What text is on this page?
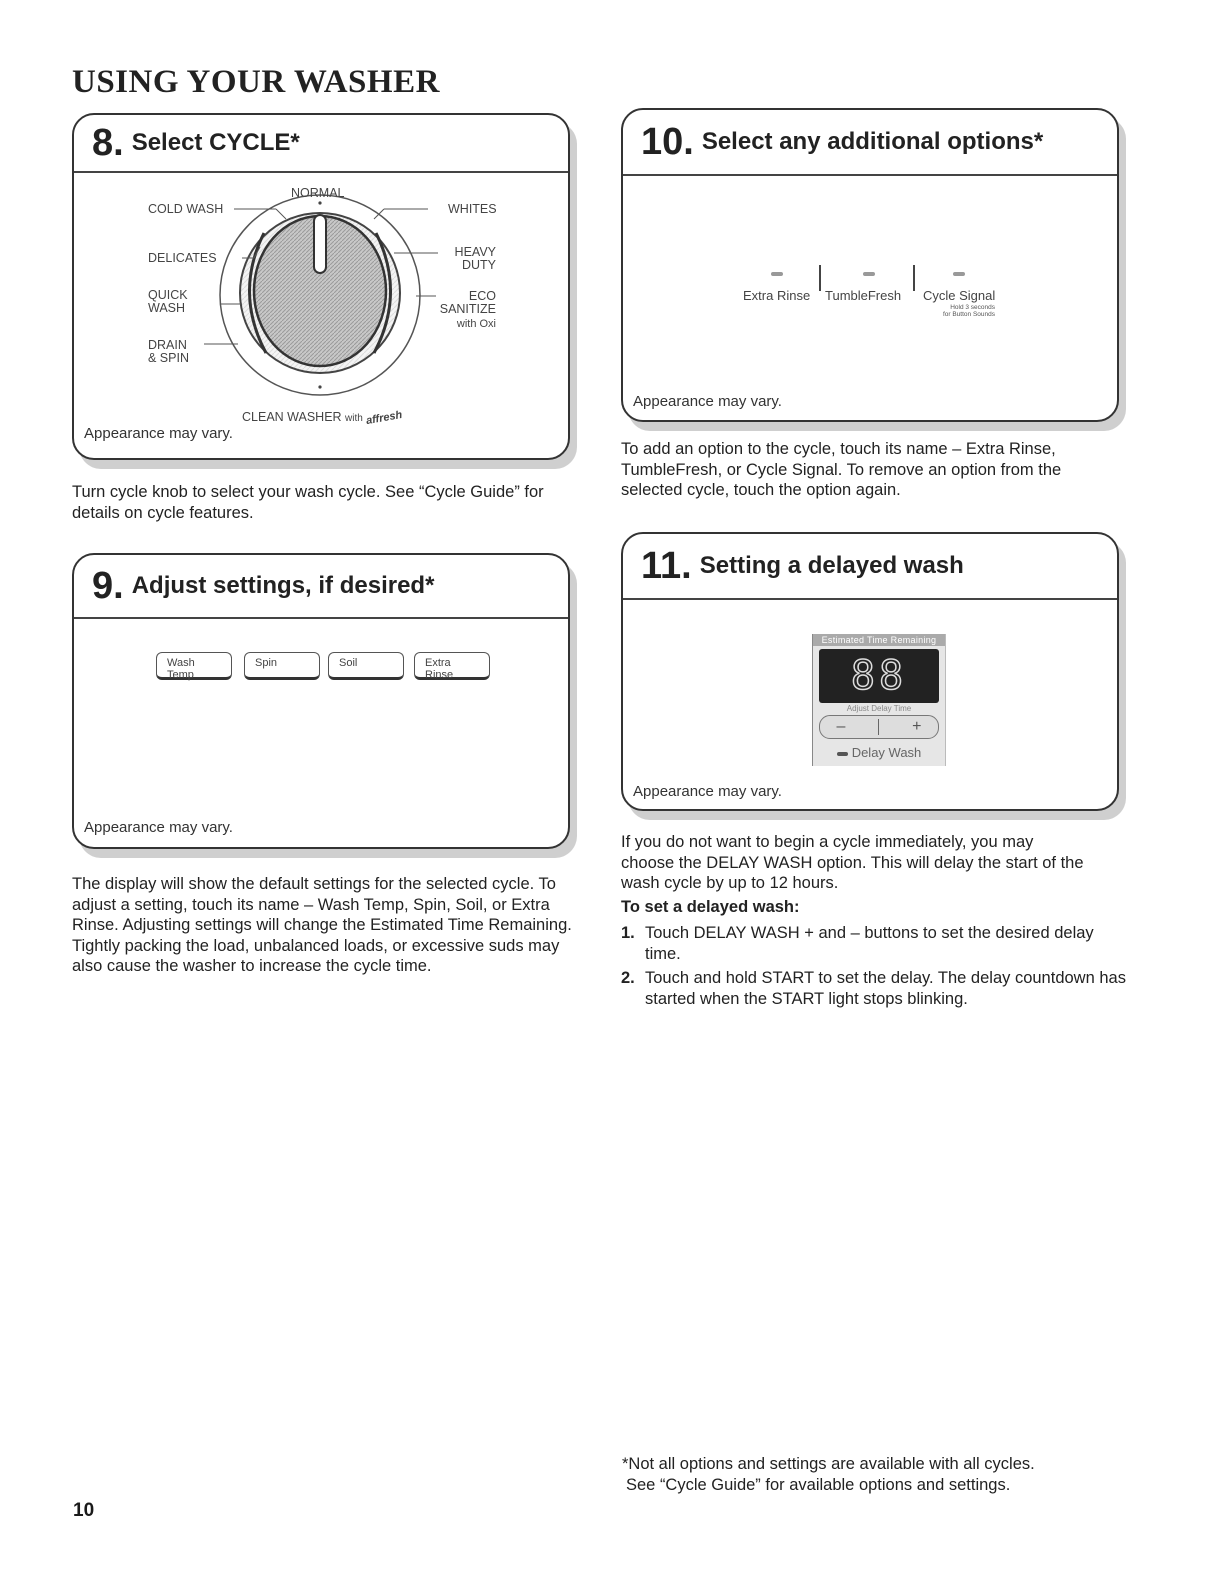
USING YOUR WASHER
8. Select CYCLE*
NORMAL
COLD WASH
DELICATES
QUICK
WASH
DRAIN
& SPIN
WHITES
HEAVY
DUTY
ECO
SANITIZE
with Oxi
CLEAN WASHER with affresh
Appearance may vary.

Turn cycle knob to select your wash cycle. See “Cycle Guide” for details on cycle features.

9. Adjust settings, if desired*
Wash Temp
Spin	Soil	Extra Rinse
Appearance may vary.

The display will show the default settings for the selected cycle. To adjust a setting, touch its name – Wash Temp, Spin, Soil, or Extra Rinse. Adjusting settings will change the Estimated Time Remaining. Tightly packing the load, unbalanced loads, or excessive suds may also cause the washer to increase the cycle time.

10. Select any additional options*
Extra Rinse TumbleFresh Cycle Signal
Hold 3 seconds
for Button Sounds
Appearance may vary.

To add an option to the cycle, touch its name – Extra Rinse, TumbleFresh, or Cycle Signal. To remove an option from the selected cycle, touch the option again.

11. Setting a delayed wash
Estimated Time Remaining
88
Adjust Delay Time
–	+
Delay Wash
Appearance may vary.

If you do not want to begin a cycle immediately, you may choose the DELAY WASH option. This will delay the start of the wash cycle by up to 12 hours.

To set a delayed wash:

1. Touch DELAY WASH + and – buttons to set the desired delay time.
2. Touch and hold START to set the delay. The delay countdown has started when the START light stops blinking.
*Not all options and settings are available with all cycles.
See “Cycle Guide” for available options and settings.
10
